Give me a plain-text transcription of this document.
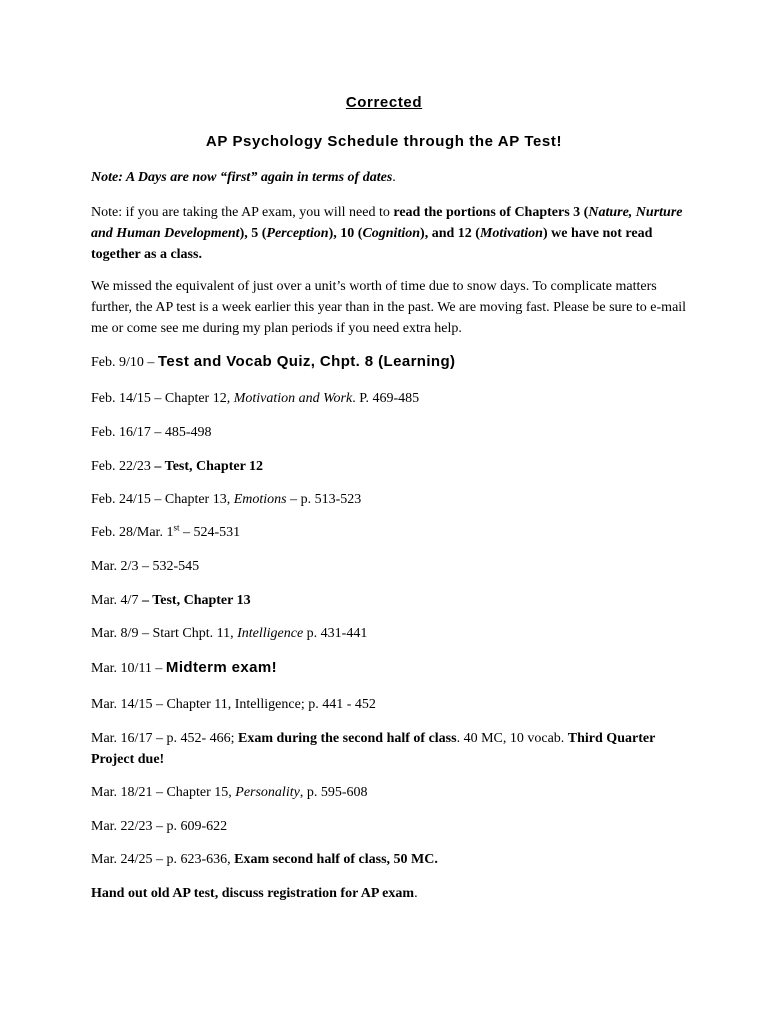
Corrected
AP Psychology Schedule through the AP Test!
Note: A Days are now “first” again in terms of dates.
Note: if you are taking the AP exam, you will need to read the portions of Chapters 3 (Nature, Nurture and Human Development), 5 (Perception), 10 (Cognition), and 12 (Motivation) we have not read together as a class.
We missed the equivalent of just over a unit’s worth of time due to snow days. To complicate matters further, the AP test is a week earlier this year than in the past. We are moving fast. Please be sure to e-mail me or come see me during my plan periods if you need extra help.
Feb. 9/10 – Test and Vocab Quiz, Chpt. 8 (Learning)
Feb. 14/15 – Chapter 12, Motivation and Work. P. 469-485
Feb. 16/17 – 485-498
Feb. 22/23 – Test, Chapter 12
Feb. 24/15 – Chapter 13, Emotions – p. 513-523
Feb. 28/Mar. 1st – 524-531
Mar. 2/3 – 532-545
Mar. 4/7 – Test, Chapter 13
Mar. 8/9 – Start Chpt. 11, Intelligence p. 431-441
Mar. 10/11 – Midterm exam!
Mar. 14/15 – Chapter 11, Intelligence; p. 441 - 452
Mar. 16/17 – p. 452- 466; Exam during the second half of class. 40 MC, 10 vocab. Third Quarter Project due!
Mar. 18/21 – Chapter 15, Personality, p. 595-608
Mar. 22/23 – p. 609-622
Mar. 24/25 – p. 623-636, Exam second half of class, 50 MC.
Hand out old AP test, discuss registration for AP exam.
